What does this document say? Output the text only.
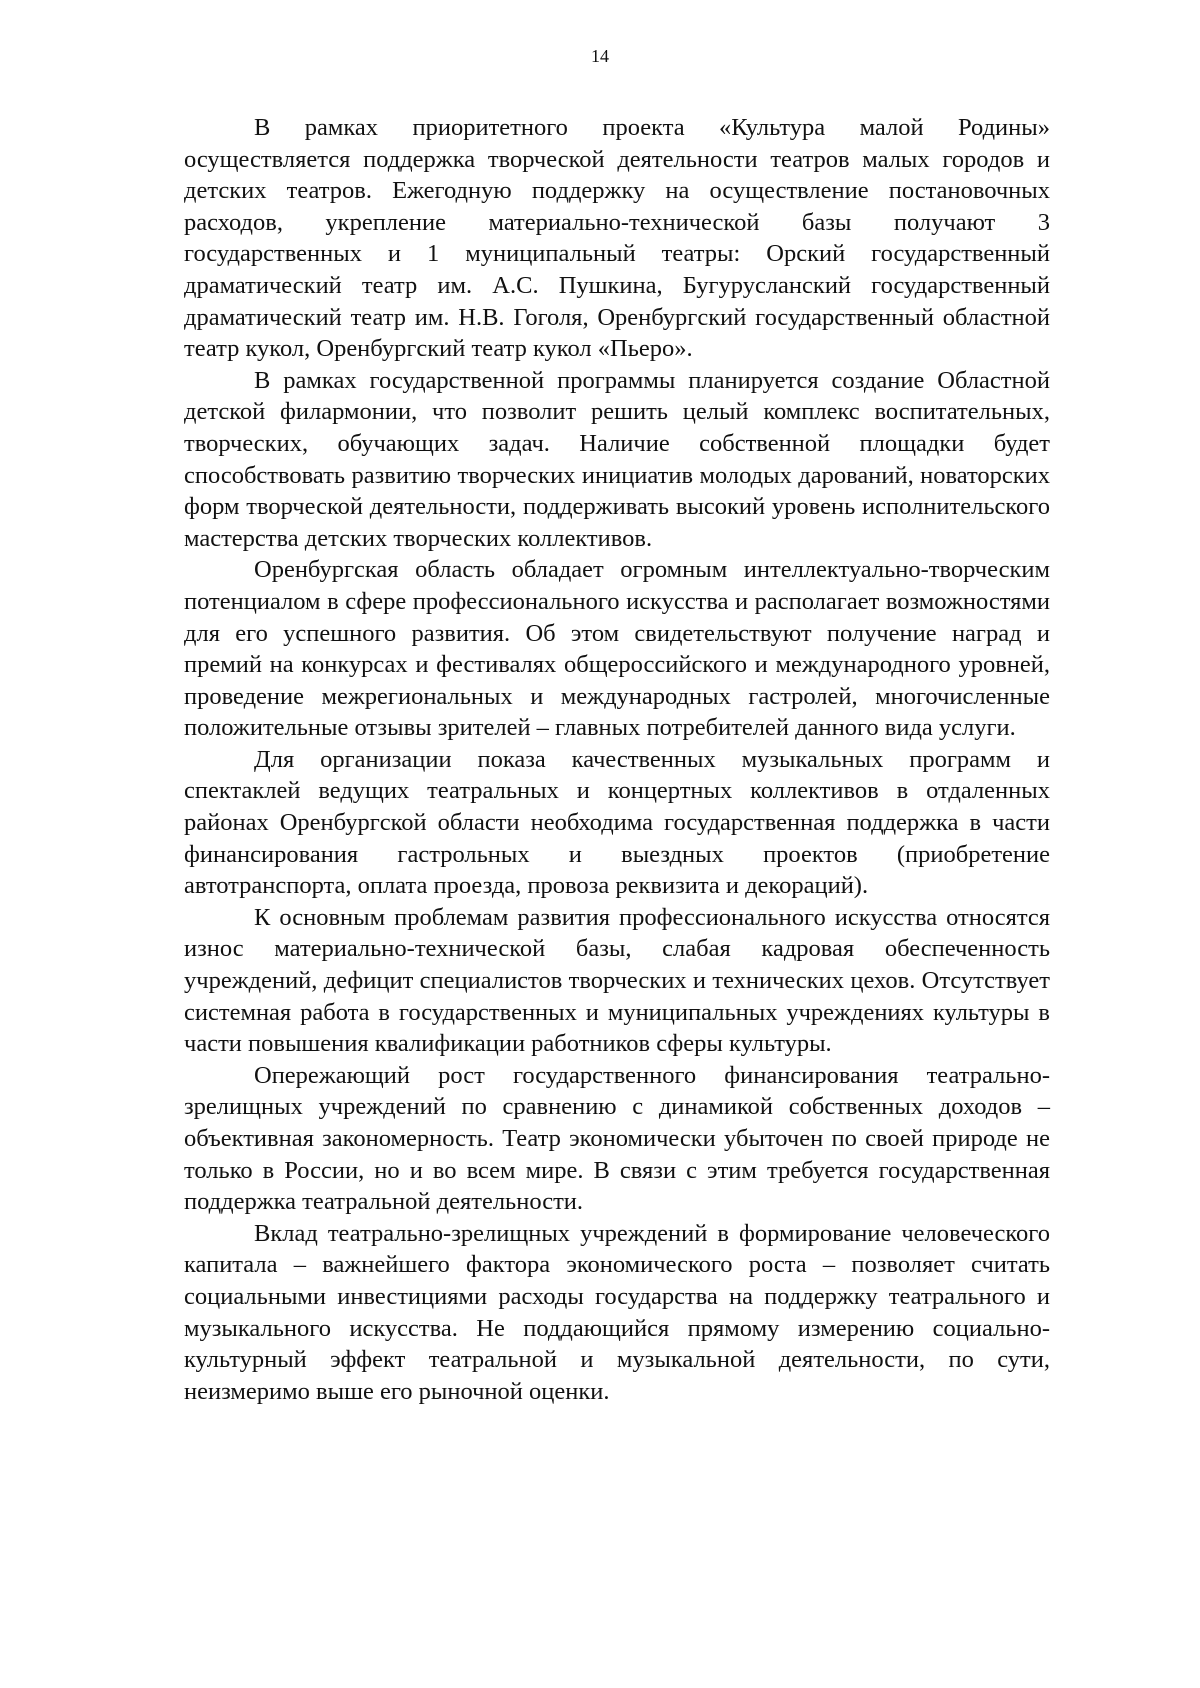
14

В рамках приоритетного проекта «Культура малой Родины» осуществляется поддержка творческой деятельности театров малых городов и детских театров. Ежегодную поддержку на осуществление постановочных расходов, укрепление материально-технической базы получают 3 государственных и 1 муниципальный театры: Орский государственный драматический театр им. А.С. Пушкина, Бугурусланский государственный драматический театр им. Н.В. Гоголя, Оренбургский государственный областной театр кукол, Оренбургский театр кукол «Пьеро».

В рамках государственной программы планируется создание Областной детской филармонии, что позволит решить целый комплекс воспитательных, творческих, обучающих задач. Наличие собственной площадки будет способствовать развитию творческих инициатив молодых дарований, новаторских форм творческой деятельности, поддерживать высокий уровень исполнительского мастерства детских творческих коллективов.

Оренбургская область обладает огромным интеллектуально-творческим потенциалом в сфере профессионального искусства и располагает возможностями для его успешного развития. Об этом свидетельствуют получение наград и премий на конкурсах и фестивалях общероссийского и международного уровней, проведение межрегиональных и международных гастролей, многочисленные положительные отзывы зрителей – главных потребителей данного вида услуги.

Для организации показа качественных музыкальных программ и спектаклей ведущих театральных и концертных коллективов в отдаленных районах Оренбургской области необходима государственная поддержка в части финансирования гастрольных и выездных проектов (приобретение автотранспорта, оплата проезда, провоза реквизита и декораций).

К основным проблемам развития профессионального искусства относятся износ материально-технической базы, слабая кадровая обеспеченность учреждений, дефицит специалистов творческих и технических цехов. Отсутствует системная работа в государственных и муниципальных учреждениях культуры в части повышения квалификации работников сферы культуры.

Опережающий рост государственного финансирования театрально-зрелищных учреждений по сравнению с динамикой собственных доходов – объективная закономерность. Театр экономически убыточен по своей природе не только в России, но и во всем мире. В связи с этим требуется государственная поддержка театральной деятельности.

Вклад театрально-зрелищных учреждений в формирование человеческого капитала – важнейшего фактора экономического роста – позволяет считать социальными инвестициями расходы государства на поддержку театрального и музыкального искусства. Не поддающийся прямому измерению социально-культурный эффект театральной и музыкальной деятельности, по сути, неизмеримо выше его рыночной оценки.
